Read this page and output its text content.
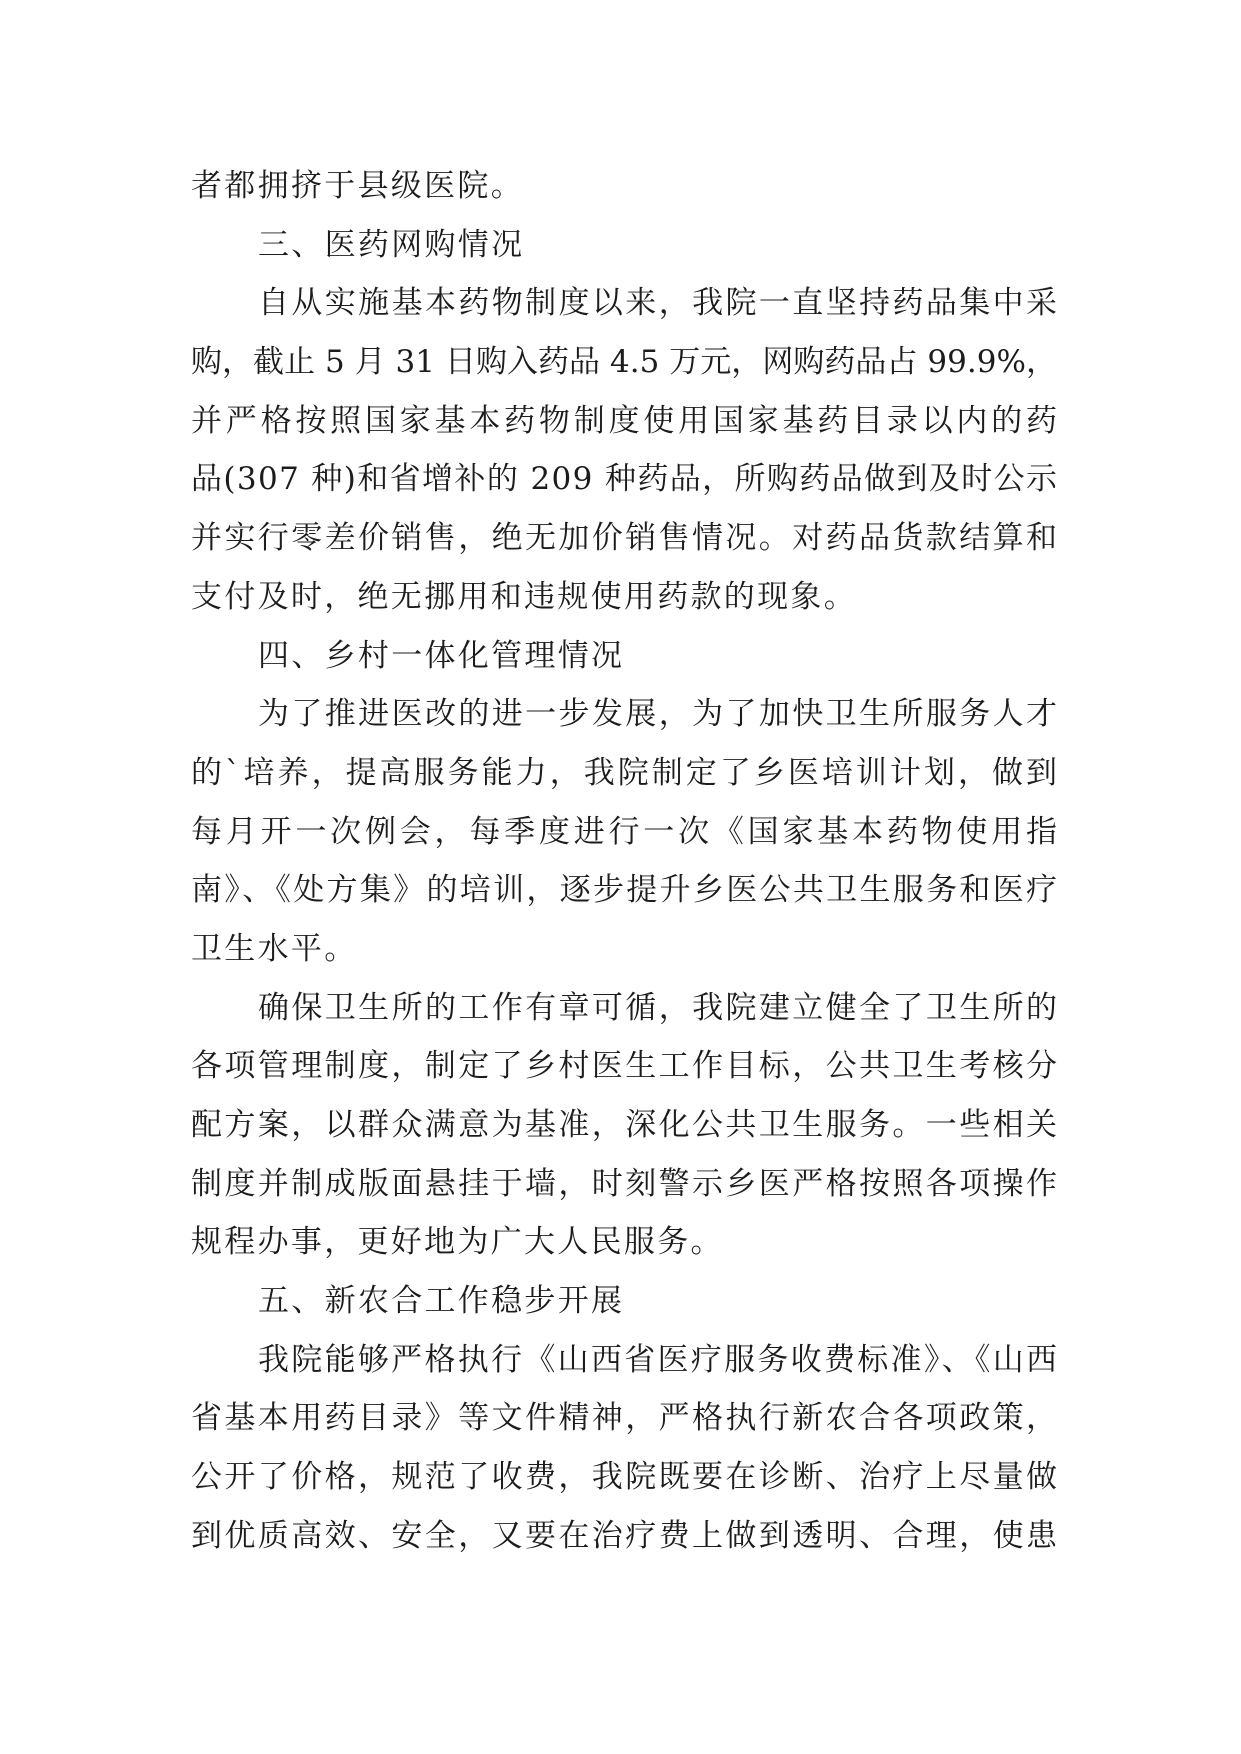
者都拥挤于县级医院。
三、医药网购情况
自从实施基本药物制度以来，我院一直坚持药品集中采
购，截止 5 月 31 日购入药品 4.5 万元，网购药品占 99.9%，
并严格按照国家基本药物制度使用国家基药目录以内的药
品(307 种)和省增补的 209 种药品，所购药品做到及时公示
并实行零差价销售，绝无加价销售情况。对药品货款结算和
支付及时，绝无挪用和违规使用药款的现象。
四、乡村一体化管理情况
为了推进医改的进一步发展，为了加快卫生所服务人才
的`培养，提高服务能力，我院制定了乡医培训计划，做到
每月开一次例会，每季度进行一次《国家基本药物使用指
南》、《处方集》的培训，逐步提升乡医公共卫生服务和医疗
卫生水平。
确保卫生所的工作有章可循，我院建立健全了卫生所的
各项管理制度，制定了乡村医生工作目标，公共卫生考核分
配方案，以群众满意为基准，深化公共卫生服务。一些相关
制度并制成版面悬挂于墙，时刻警示乡医严格按照各项操作
规程办事，更好地为广大人民服务。
五、新农合工作稳步开展
我院能够严格执行《山西省医疗服务收费标准》、《山西
省基本用药目录》等文件精神，严格执行新农合各项政策，
公开了价格，规范了收费，我院既要在诊断、治疗上尽量做
到优质高效、安全，又要在治疗费上做到透明、合理，使患
